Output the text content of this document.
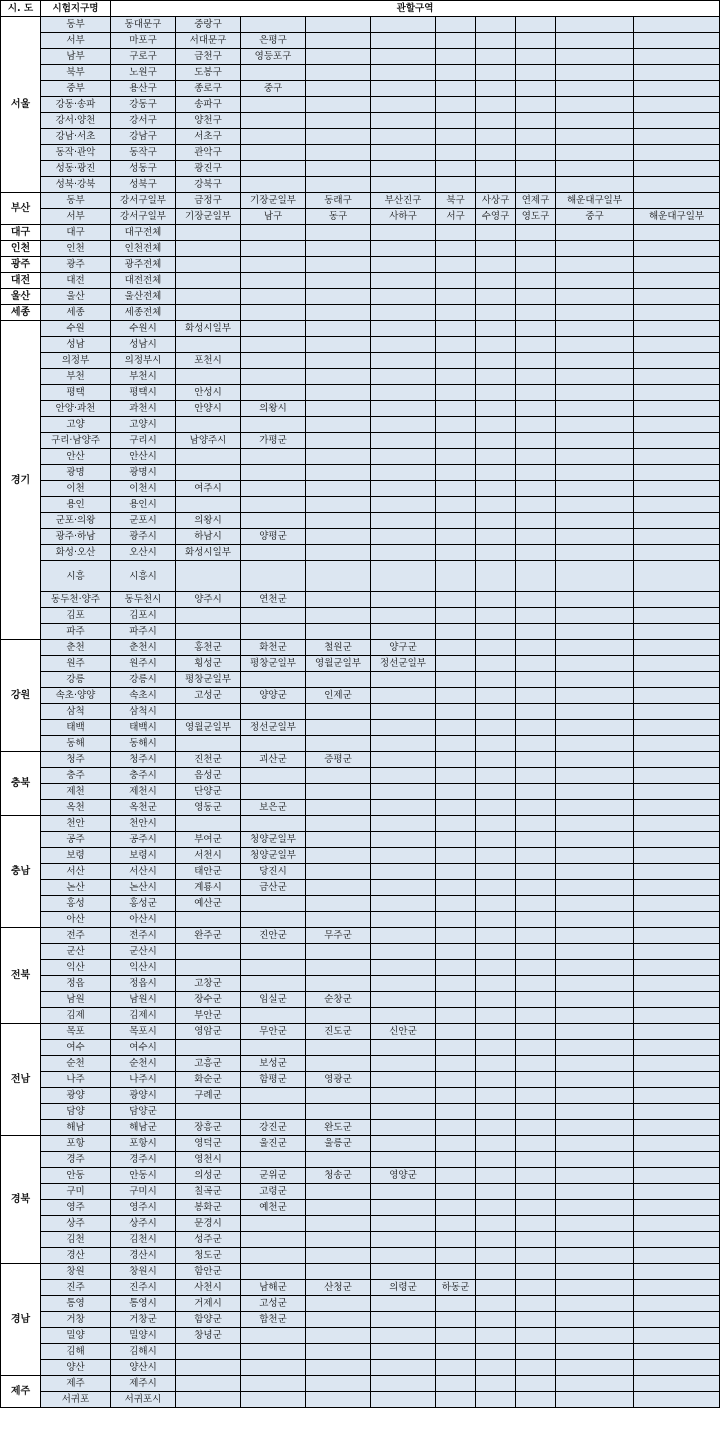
시. 도	시험지구명	관할구역									
서울	동부	동대문구	중랑구								
	서부	마포구	서대문구	은평구							
	남부	구로구	금천구	영등포구							
	북부	노원구	도봉구								
	중부	용산구	종로구	중구							
	강동·송파	강동구	송파구								
	강서·양천	강서구	양천구								
	강남·서초	강남구	서초구								
	동작·관악	동작구	관악구								
	성동·광진	성동구	광진구								
	성북·강북	성북구	강북구								
부산	동부	강서구일부	금정구	기장군일부	동래구	부산진구	북구	사상구	연제구	해운대구일부	
	서부	강서구일부	기장군일부	남구	동구	사하구	서구	수영구	영도구	중구	해운대구일부
대구	대구	대구전체									
인천	인천	인천전체									
광주	광주	광주전체									
대전	대전	대전전체									
울산	울산	울산전체									
세종	세종	세종전체									
경기	수원	수원시	화성시일부								
	성남	성남시									
	의정부	의정부시	포천시								
	부천	부천시									
	평택	평택시	안성시								
	안양·과천	과천시	안양시	의왕시							
	고양	고양시									
	구리·남양주	구리시	남양주시	가평군							
	안산	안산시									
	광명	광명시									
	이천	이천시	여주시								
	용인	용인시									
	군포·의왕	군포시	의왕시								
	광주·하남	광주시	하남시	양평군							
	화성·오산	오산시	화성시일부								
	시흥	시흥시									
	동두천·양주	동두천시	양주시	연천군							
	김포	김포시									
	파주	파주시									
강원	춘천	춘천시	홍천군	화천군	철원군	양구군					
	원주	원주시	횡성군	평창군일부	영월군일부	정선군일부					
	강릉	강릉시	평창군일부								
	속초·양양	속초시	고성군	양양군	인제군						
	삼척	삼척시									
	태백	태백시	영월군일부	정선군일부							
	동해	동해시									
충북	청주	청주시	진천군	괴산군	증평군						
	충주	충주시	음성군								
	제천	제천시	단양군								
	옥천	옥천군	영동군	보은군							
충남	천안	천안시									
	공주	공주시	부여군	청양군일부							
	보령	보령시	서천시	청양군일부							
	서산	서산시	태안군	당진시							
	논산	논산시	계룡시	금산군							
	홍성	홍성군	예산군								
	아산	아산시									
전북	전주	전주시	완주군	진안군	무주군						
	군산	군산시									
	익산	익산시									
	정읍	정읍시	고창군								
	남원	남원시	장수군	임실군	순창군						
	김제	김제시	부안군								
전남	목포	목포시	영암군	무안군	진도군	신안군					
	여수	여수시									
	순천	순천시	고흥군	보성군							
	나주	나주시	화순군	함평군	영광군						
	광양	광양시	구례군								
	담양	담양군									
	해남	해남군	장흥군	강진군	완도군						
경북	포항	포항시	영덕군	울진군	울릉군						
	경주	경주시	영천시								
	안동	안동시	의성군	군위군	청송군	영양군					
	구미	구미시	칠곡군	고령군							
	영주	영주시	봉화군	예천군							
	상주	상주시	문경시								
	김천	김천시	성주군								
	경산	경산시	청도군								
경남	창원	창원시	함안군								
	진주	진주시	사천시	남해군	산청군	의령군	하동군				
	통영	통영시	거제시	고성군							
	거창	거창군	함양군	합천군							
	밀양	밀양시	창녕군								
	김해	김해시									
	양산	양산시									
제주	제주	제주시									
	서귀포	서귀포시									
